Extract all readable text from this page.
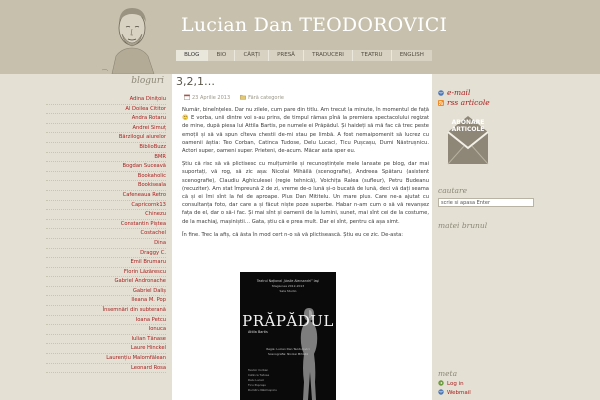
Lucian Dan TEODOROVICI
BLOG	BIO	CĂRȚI	PRESĂ	TRADUCERI	TEATRU	ENGLISH
bloguri
Adina Dinițoiu
Al Doilea Cititor
Andra Rotaru
Andrei Simuț
Bărzilogul aiurelor
BiblioBuzz
BMR
Bogdan Suceavă
Bookaholic
Bookiseala
Cafeneaua Retro
Capricornk13
Chinezu
Constantin Piștea
Costachel
Dina
Draggy C.
Emil Brumaru
Florin Lăzărescu
Gabriel Andronache
Gabriel Daliș
Ileana M. Pop
Însemnări din subterană
Ioana Petcu
Ionuca
Iulian Tănase
Laure Hinckel
Laurențiu Malomfălean
Leonard Rosa
3,2,1…
23 Aprilie 2013	Fără categorie

Număr, bineînțeles. Dar nu zilele, cum pare din titlu. Am trecut la minute, în momentul de față 🙂 E vorba, unii dintre voi s-au prins, de timpul rămas pînă la premiera spectacolului regizat de mine, după piesa lui Attila Bartis, pe numele ei Prăpădul. Și haideți să mă fac că trec peste emoții și să vă spun cîteva chestii de-mi stau pe limbă. A fost nemaipomenit să lucrez cu oamenii ăștia: Teo Corban, Catinca Tudose, Delu Lucaci, Ticu Pușcașu, Dumi Năstrușnicu. Actori super, oameni super. Prieteni, de-acum. Măcar asta sper eu.

Știu că risc să vă plictisesc cu mulțumirile și recunoștințele mele lansate pe blog, dar mai suportați, vă rog, să zic așa: Nicolai Mihăilă (scenografie), Andreea Spătaru (asistent scenografie), Claudiu Aghiculesei (regie tehnică), Voichița Ralea (sufleur), Petru Budeanu (recuziter). Am stat împreună 2 de zi, vreme de-o lună și-o bucată de lună, deci vă dați seama că și ei îmi sînt la fel de aproape. Plus Dan Mititelu. Un mare plus. Care ne-a ajutat cu consultanța foto, dar care a și făcut niște poze superbe. Habar n-am cum o să vă revanșez fața de el, dar o să-i fac. Și mai sînt și oamenii de la lumini, sunet, mai sînt cei de la costume, de la machiaj, mașiniștii… Gata, știu că e prea mult. Dar ei sînt, pentru că așa simt.

În fine. Trec la afiș, că ăsta în mod cert n-o să vă plictisească. Știu eu ce zic. De-asta:

Teatrul Național „Vasile Alecsandri” Iași
Stagiunea 2012-2013
Sala Studio
PRĂPĂDUL
Attila Bartis
Regia: Lucian Dan Teodorovici
Scenografia: Nicolai Mihăilă
Teodor Corban
Catinca Tudose
Delu Lucaci
Ticu Pușcașu
Dumitru Năstrușnicu
e-mail
rss articole
ABONARE
ARTICOLE
cautare
scrie si apasa Enter
matei brunul
meta
Log in
Webmail
